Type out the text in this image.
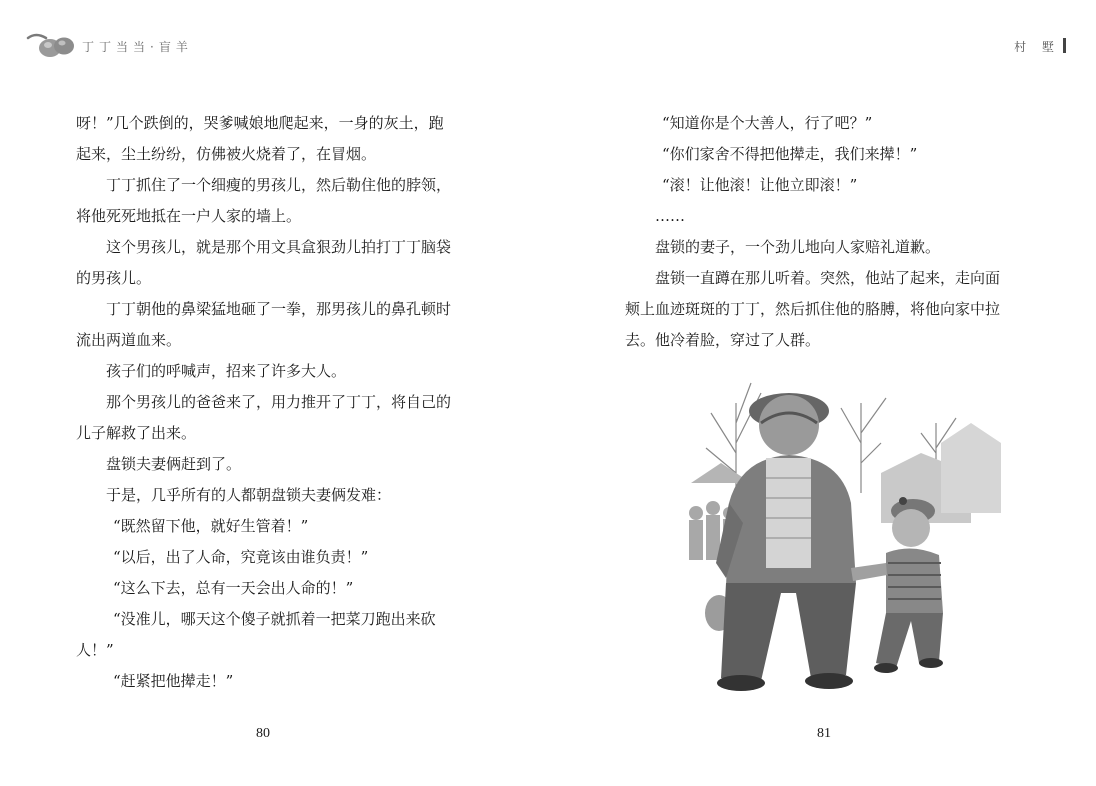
丁丁当当·盲羊
呀！”几个跌倒的，哭爹喊娘地爬起来，一身的灰土，跑
起来，尘土纷纷，仿佛被火烧着了，在冒烟。
丁丁抓住了一个细瘦的男孩儿，然后勒住他的脖领，
将他死死地抵在一户人家的墙上。
这个男孩儿，就是那个用文具盒狠劲儿拍打丁丁脑袋
的男孩儿。
丁丁朝他的鼻梁猛地砸了一拳，那男孩儿的鼻孔顿时
流出两道血来。
孩子们的呼喊声，招来了许多大人。
那个男孩儿的爸爸来了，用力推开了丁丁，将自己的
儿子解救了出来。
盘锁夫妻俩赶到了。
于是，几乎所有的人都朝盘锁夫妻俩发难：
“既然留下他，就好生管着！”
“以后，出了人命，究竟该由谁负责！”
“这么下去，总有一天会出人命的！”
“没准儿，哪天这个傻子就抓着一把菜刀跑出来砍
人！”
“赶紧把他撵走！”
80
村 墅
“知道你是个大善人，行了吧？”
“你们家舍不得把他撵走，我们来撵！”
“滚！让他滚！让他立即滚！”
……
盘锁的妻子，一个劲儿地向人家赔礼道歉。
盘锁一直蹲在那儿听着。突然，他站了起来，走向面
颊上血迹斑斑的丁丁，然后抓住他的胳膊，将他向家中拉
去。他冷着脸，穿过了人群。
81
